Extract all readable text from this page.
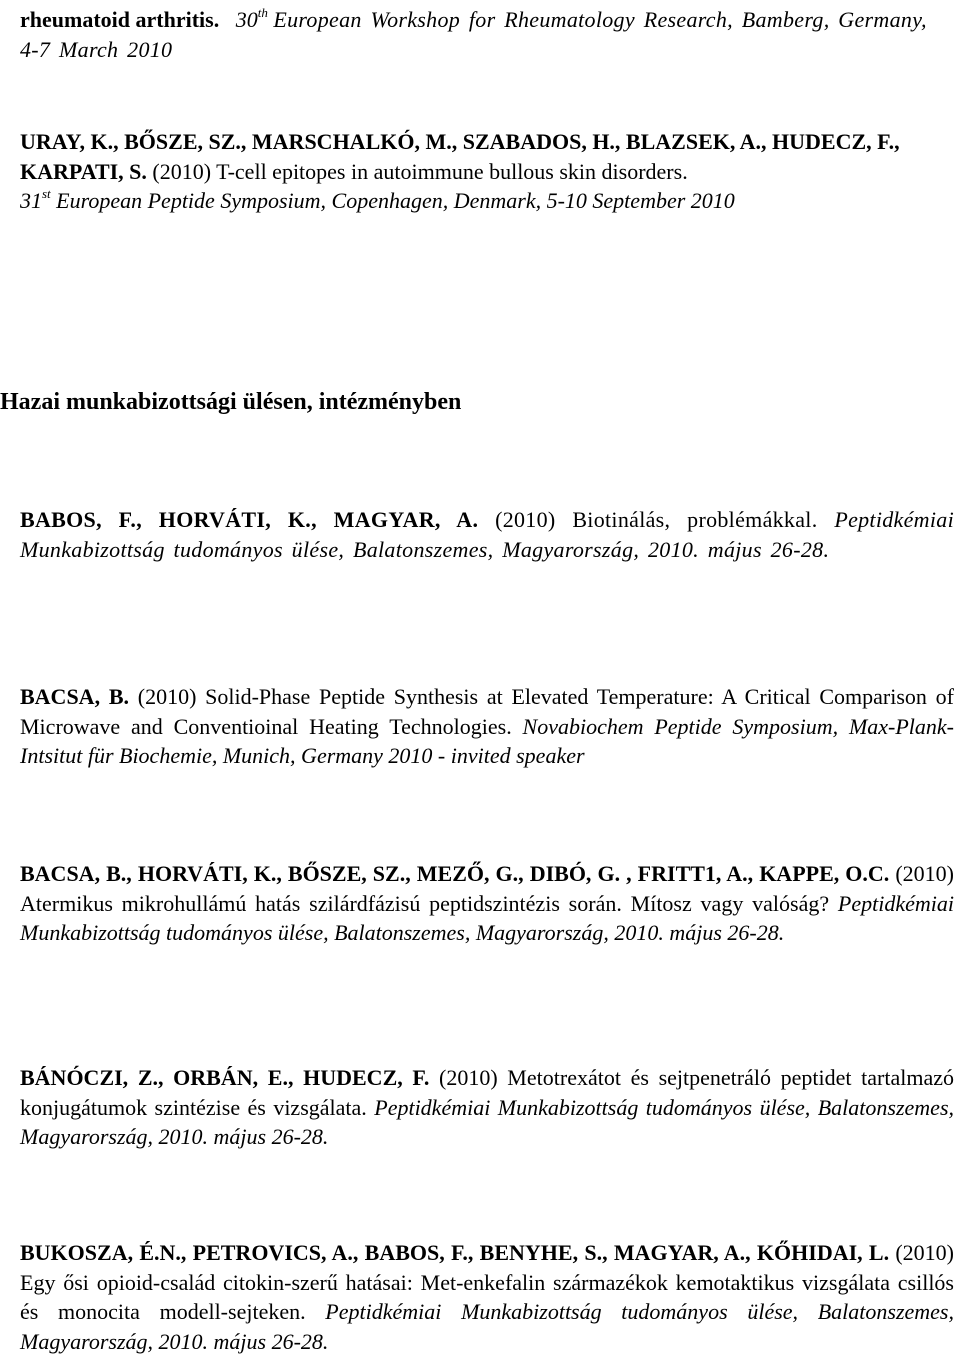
rheumatoid arthritis. 30th European Workshop for Rheumatology Research, Bamberg, Germany, 4-7 March 2010
URAY, K., BŐSZE, SZ., MARSCHALKÓ, M., SZABADOS, H., BLAZSEK, A., HUDECZ, F., KARPATI, S. (2010) T-cell epitopes in autoimmune bullous skin disorders.
31st European Peptide Symposium, Copenhagen, Denmark, 5-10 September 2010
Hazai munkabizottsági ülésen, intézményben
BABOS, F., HORVÁTI, K., MAGYAR, A. (2010) Biotinálás, problémákkal. Peptidkémiai Munkabizottság tudományos ülése, Balatonszemes, Magyarország, 2010. május 26-28.
BACSA, B. (2010) Solid-Phase Peptide Synthesis at Elevated Temperature: A Critical Comparison of Microwave and Conventioinal Heating Technologies. Novabiochem Peptide Symposium, Max-Plank-Intsitut für Biochemie, Munich, Germany 2010 - invited speaker
BACSA, B., HORVÁTI, K., BŐSZE, SZ., MEZŐ, G., DIBÓ, G. , FRITT1, A., KAPPE, O.C. (2010) Atermikus mikrohullámú hatás szilárdfázisú peptidszintézis során. Mítosz vagy valóság? Peptidkémiai Munkabizottság tudományos ülése, Balatonszemes, Magyarország, 2010. május 26-28.
BÁNÓCZI, Z., ORBÁN, E., HUDECZ, F. (2010) Metotrexátot és sejtpenetráló peptidet tartalmazó konjugátumok szintézise és vizsgálata. Peptidkémiai Munkabizottság tudományos ülése, Balatonszemes, Magyarország, 2010. május 26-28.
BUKOSZA, É.N., PETROVICS, A., BABOS, F., BENYHE, S., MAGYAR, A., KŐHIDAI, L. (2010) Egy ősi opioid-család citokin-szerű hatásai: Met-enkefalin származékok kemotaktikus vizsgálata csillós és monocita modell-sejteken. Peptidkémiai Munkabizottság tudományos ülése, Balatonszemes, Magyarország, 2010. május 26-28.
